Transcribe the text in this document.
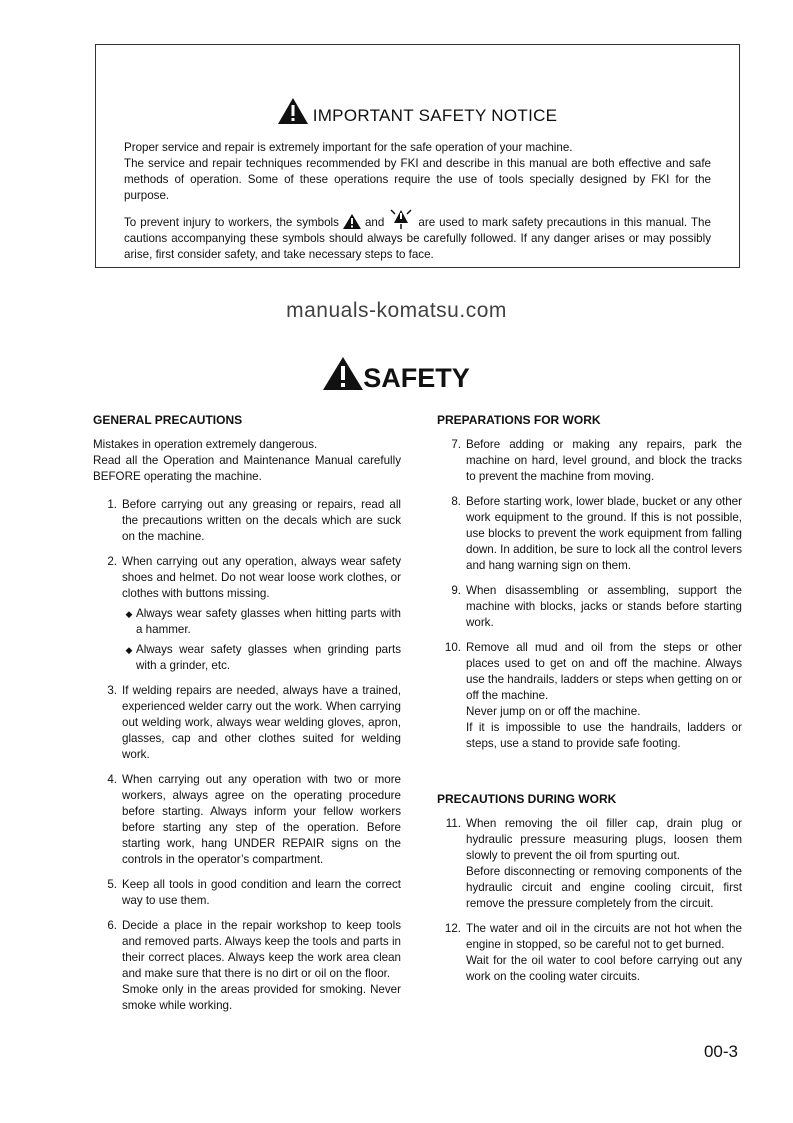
IMPORTANT SAFETY NOTICE

Proper service and repair is extremely important for the safe operation of your machine.

The service and repair techniques recommended by FKI and describe in this manual are both effective and safe methods of operation. Some of these operations require the use of tools specially designed by FKI for the purpose.

To prevent injury to workers, the symbols and	are used to mark safety precautions in this manual. The cautions accompanying these symbols should always be carefully followed. If any danger arises or may possibly arise, first consider safety, and take necessary steps to face.

manuals-komatsu.com
SAFETY
GENERAL PRECAUTIONS
Mistakes in operation extremely dangerous.
Read all the Operation and Maintenance Manual carefully BEFORE operating the machine.
1. Before carrying out any greasing or repairs, read all the precautions written on the decals which are suck on the machine.
2. When carrying out any operation, always wear safety shoes and helmet. Do not wear loose work clothes, or clothes with buttons missing.

◆ Always wear safety glasses when hitting parts with a hammer.
◆ Always wear safety glasses when grinding parts with a grinder, etc.
3. If welding repairs are needed, always have a trained, experienced welder carry out the work. When carrying out welding work, always wear welding gloves, apron, glasses, cap and other clothes suited for welding work.
4. When carrying out any operation with two or more workers, always agree on the operating procedure before starting. Always inform your fellow workers before starting any step of the operation. Before starting work, hang UNDER REPAIR signs on the controls in the operator’s compartment.
5. Keep all tools in good condition and learn the correct way to use them.
6. Decide a place in the repair workshop to keep tools and removed parts. Always keep the tools and parts in their correct places. Always keep the work area clean and make sure that there is no dirt or oil on the floor.

Smoke only in the areas provided for smoking. Never smoke while working.

PREPARATIONS FOR WORK
7. Before adding or making any repairs, park the machine on hard, level ground, and block the tracks to prevent the machine from moving.
8. Before starting work, lower blade, bucket or any other work equipment to the ground. If this is not possible, use blocks to prevent the work equipment from falling down. In addition, be sure to lock all the control levers and hang warning sign on them.
9. When disassembling or assembling, support the machine with blocks, jacks or stands before starting work.
10. Remove all mud and oil from the steps or other places used to get on and off the machine. Always use the handrails, ladders or steps when getting on or off the machine.

Never jump on or off the machine.

If it is impossible to use the handrails, ladders or steps, use a stand to provide safe footing.

PRECAUTIONS DURING WORK
11. When removing the oil filler cap, drain plug or hydraulic pressure measuring plugs, loosen them slowly to prevent the oil from spurting out.

Before disconnecting or removing components of the hydraulic circuit and engine cooling circuit, first remove the pressure completely from the circuit.

12. The water and oil in the circuits are not hot when the engine in stopped, so be careful not to get burned.

Wait for the oil water to cool before carrying out any work on the cooling water circuits.

00-3
